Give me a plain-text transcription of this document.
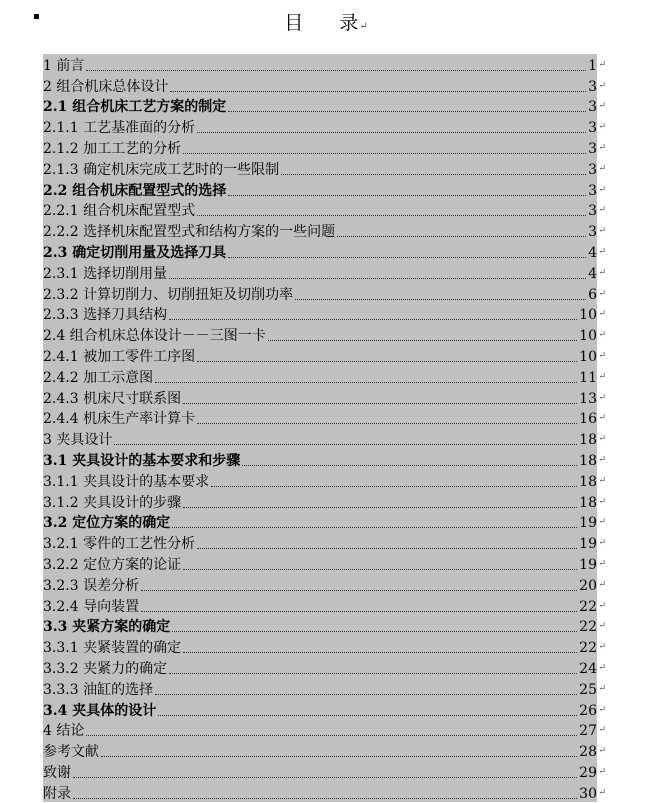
目 录↵
1 前言	1 ↵
2 组合机床总体设计	3 ↵
2.1 组合机床工艺方案的制定	3 ↵
2.1.1 工艺基准面的分析	3 ↵
2.1.2 加工工艺的分析	3 ↵
2.1.3 确定机床完成工艺时的一些限制	3 ↵
2.2 组合机床配置型式的选择	3 ↵
2.2.1 组合机床配置型式	3 ↵
2.2.2 选择机床配置型式和结构方案的一些问题	3 ↵
2.3 确定切削用量及选择刀具	4 ↵
2.3.1 选择切削用量	4 ↵
2.3.2 计算切削力、切削扭矩及切削功率	6 ↵
2.3.3 选择刀具结构	10 ↵
2.4 组合机床总体设计－－三图一卡	10 ↵
2.4.1 被加工零件工序图	10 ↵
2.4.2 加工示意图	11 ↵
2.4.3 机床尺寸联系图	13 ↵
2.4.4 机床生产率计算卡	16 ↵
3 夹具设计	18 ↵
3.1 夹具设计的基本要求和步骤	18 ↵
3.1.1 夹具设计的基本要求	18 ↵
3.1.2 夹具设计的步骤	18 ↵
3.2 定位方案的确定	19 ↵
3.2.1 零件的工艺性分析	19 ↵
3.2.2 定位方案的论证	19 ↵
3.2.3 误差分析	20 ↵
3.2.4 导向装置	22 ↵
3.3 夹紧方案的确定	22 ↵
3.3.1 夹紧装置的确定	22 ↵
3.3.2 夹紧力的确定	24 ↵
3.3.3 油缸的选择	25 ↵
3.4 夹具体的设计	26 ↵
4 结论	27 ↵
参考文献	28 ↵
致谢	29 ↵
附录	30 ↵
